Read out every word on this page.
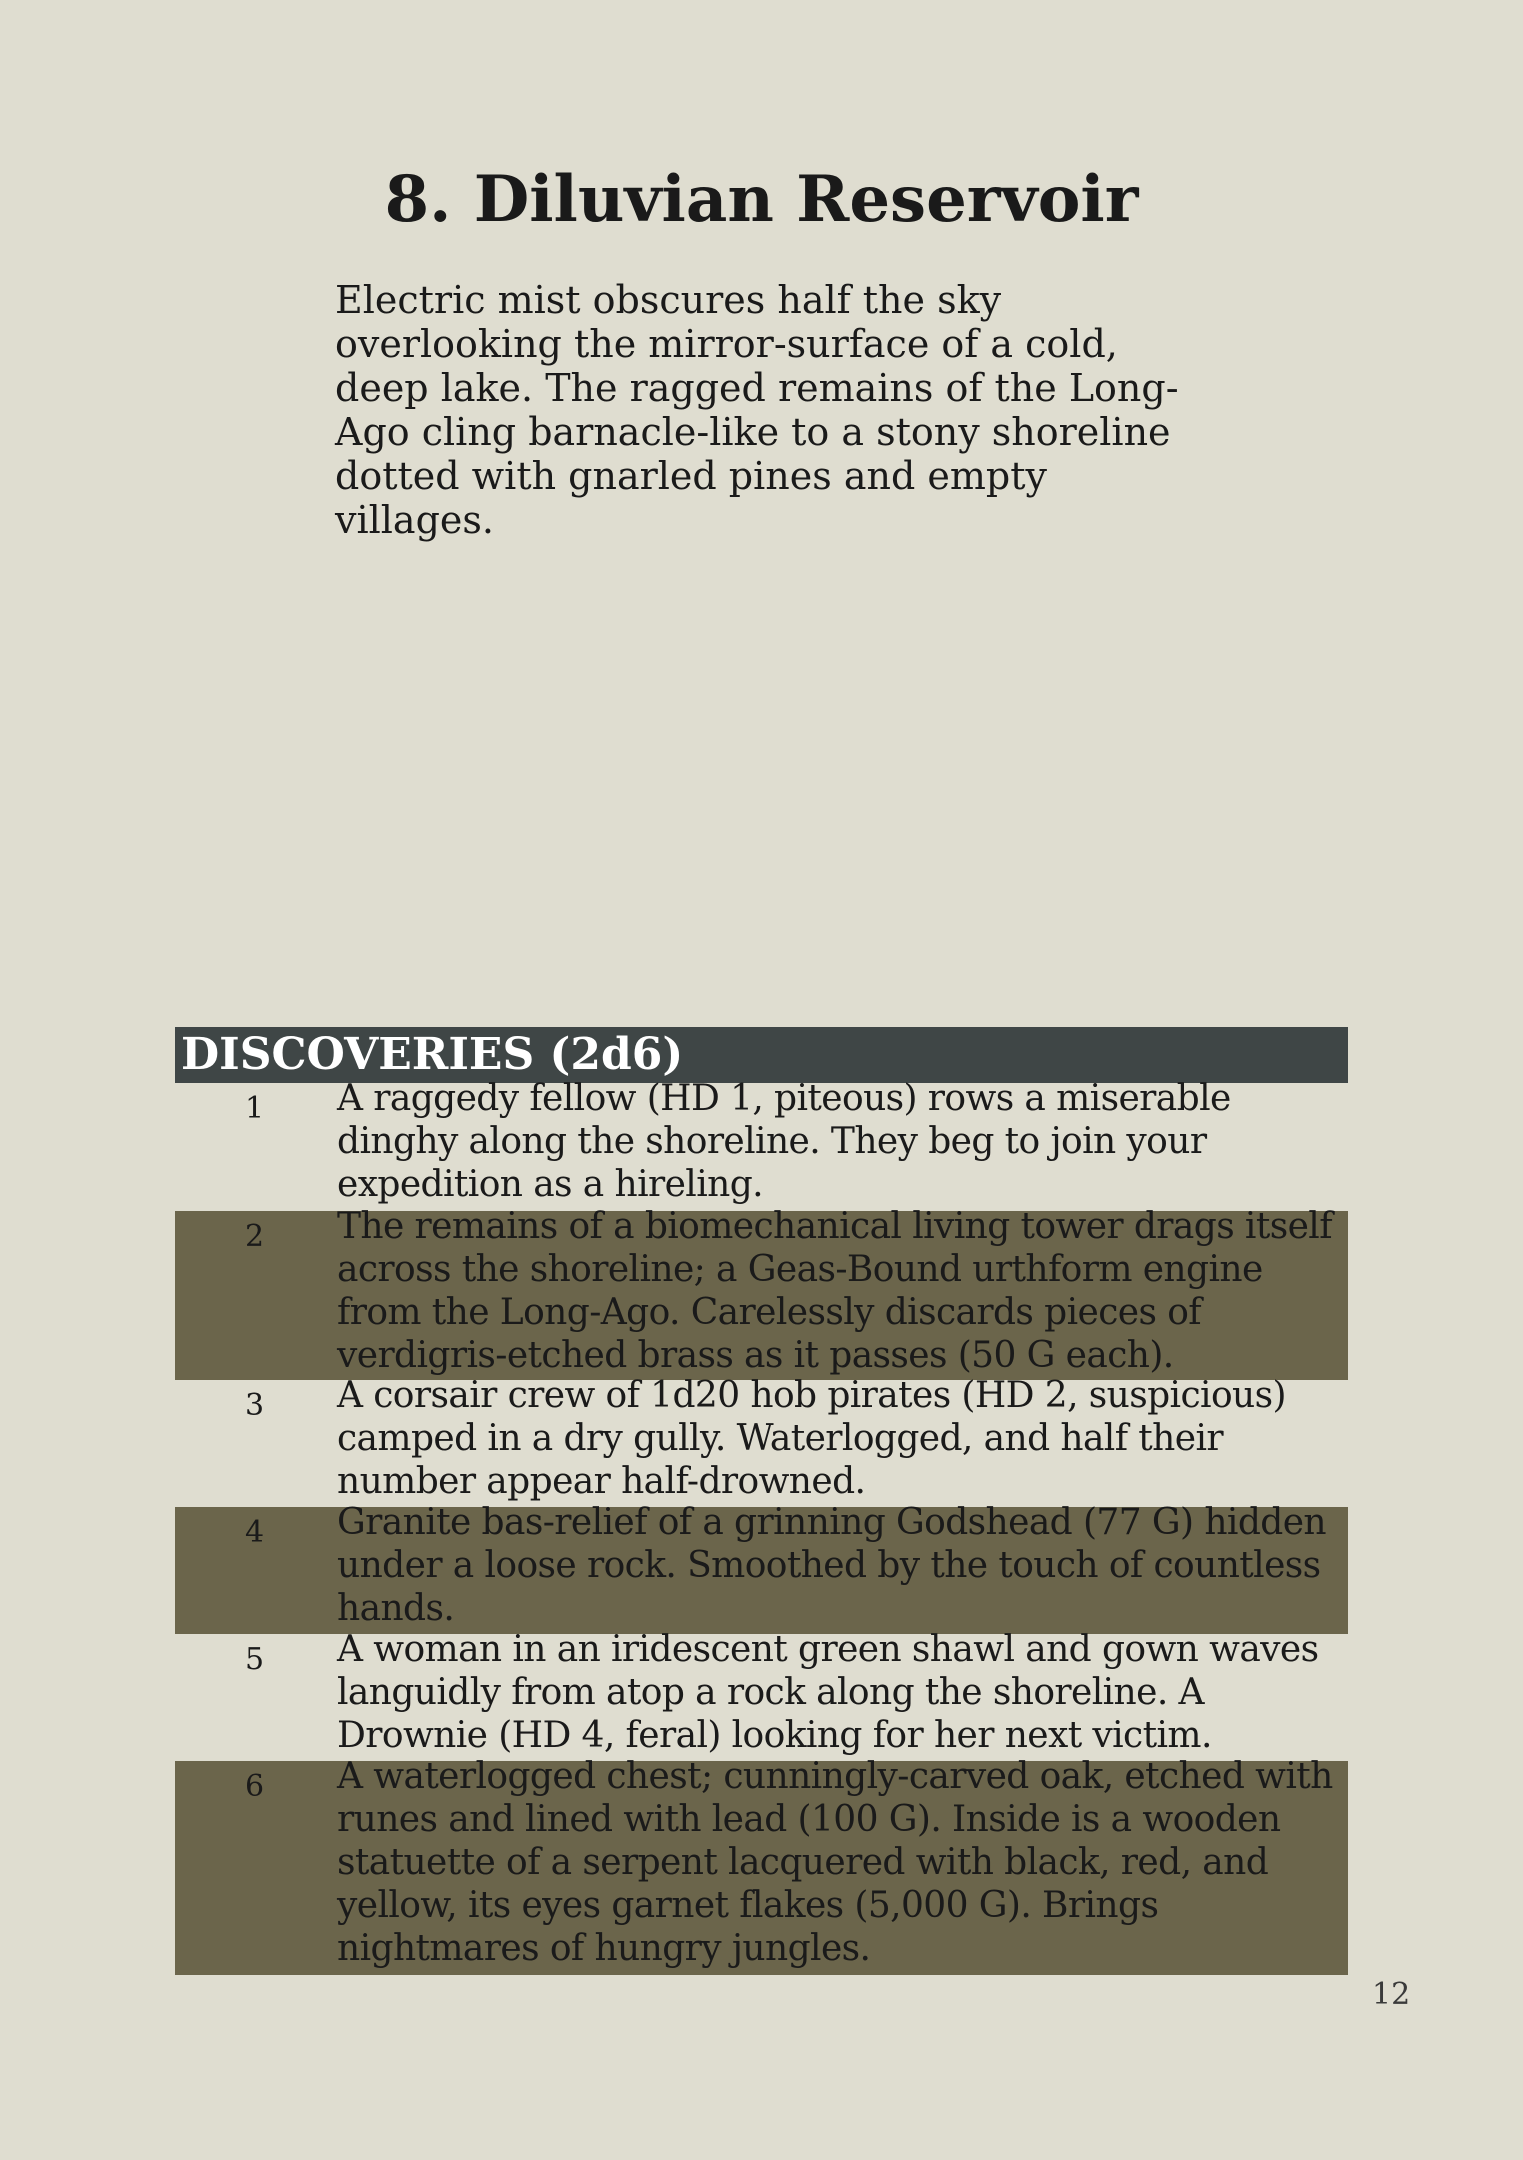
8. Diluvian Reservoir

Electric mist obscures half the sky overlooking the mirror-surface of a cold, deep lake. The ragged remains of the Long-Ago cling barnacle-like to a stony shoreline dotted with gnarled pines and empty villages.

DISCOVERIES (2d6)
1 A raggedy fellow (HD 1, piteous) rows a miserable dinghy along the shoreline. They beg to join your expedition as a hireling.
2 The remains of a biomechanical living tower drags itself across the shoreline; a Geas-Bound urthform engine from the Long-Ago. Carelessly discards pieces of verdigris-etched brass as it passes (50 G each).
3 A corsair crew of 1d20 hob pirates (HD 2, suspicious) camped in a dry gully. Waterlogged, and half their number appear half-drowned.
4 Granite bas-relief of a grinning Godshead (77 G) hidden under a loose rock. Smoothed by the touch of countless hands.
5 A woman in an iridescent green shawl and gown waves languidly from atop a rock along the shoreline. A Drownie (HD 4, feral) looking for her next victim.
6 A waterlogged chest; cunningly-carved oak, etched with runes and lined with lead (100 G). Inside is a wooden statuette of a serpent lacquered with black, red, and yellow, its eyes garnet flakes (5,000 G). Brings nightmares of hungry jungles.
12
